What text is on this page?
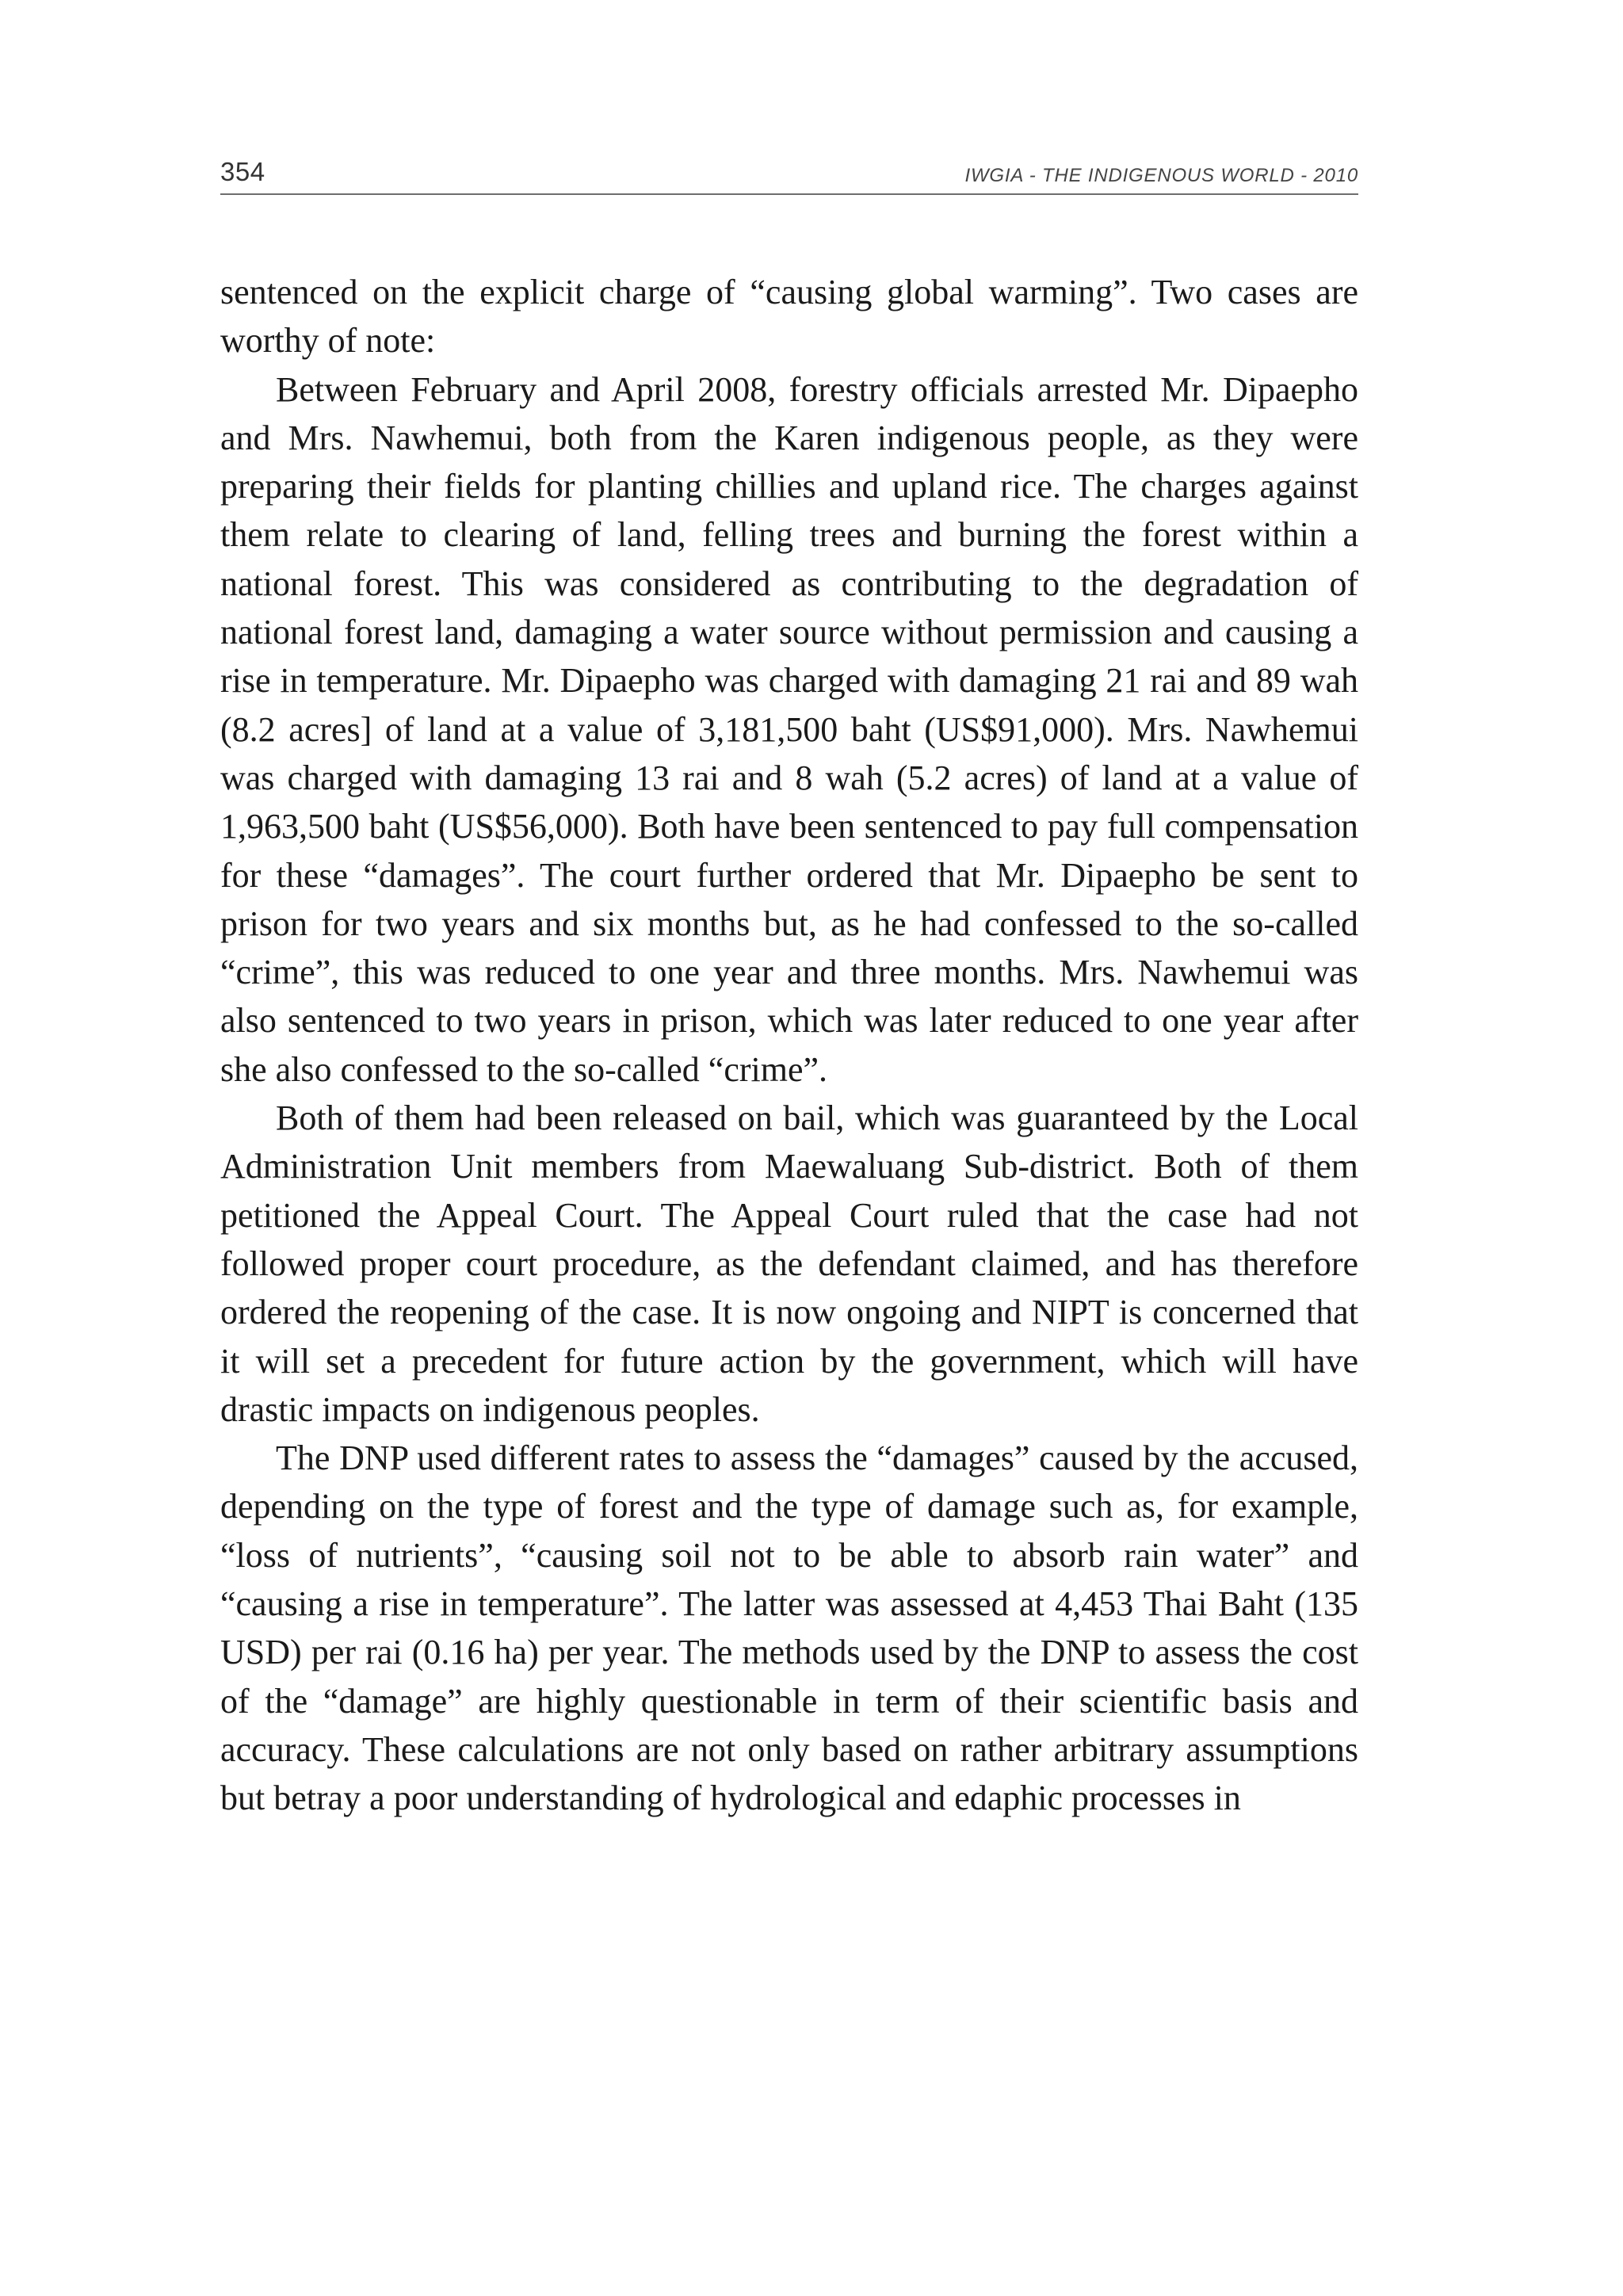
354	IWGIA - THE INDIGENOUS WORLD - 2010

sentenced on the explicit charge of “causing global warming”. Two cases are worthy of note:

Between February and April 2008, forestry officials arrested Mr. Dipaepho and Mrs. Nawhemui, both from the Karen indigenous people, as they were preparing their fields for planting chillies and upland rice. The charges against them relate to clearing of land, felling trees and burning the forest within a national forest. This was considered as contributing to the degradation of national forest land, damaging a water source without permission and causing a rise in temperature. Mr. Dipaepho was charged with damaging 21 rai and 89 wah (8.2 acres] of land at a value of 3,181,500 baht (US$91,000). Mrs. Nawhemui was charged with damaging 13 rai and 8 wah (5.2 acres) of land at a value of 1,963,500 baht (US$56,000). Both have been sentenced to pay full compensation for these “damages”. The court further ordered that Mr. Dipaepho be sent to prison for two years and six months but, as he had confessed to the so-called “crime”, this was reduced to one year and three months. Mrs. Nawhemui was also sentenced to two years in prison, which was later reduced to one year after she also confessed to the so-called “crime”.

Both of them had been released on bail, which was guaranteed by the Local Administration Unit members from Maewaluang Sub-district. Both of them petitioned the Appeal Court. The Appeal Court ruled that the case had not followed proper court procedure, as the defendant claimed, and has therefore ordered the reopening of the case. It is now ongoing and NIPT is concerned that it will set a precedent for future action by the government, which will have drastic impacts on indigenous peoples.

The DNP used different rates to assess the “damages” caused by the accused, depending on the type of forest and the type of damage such as, for example, “loss of nutrients”, “causing soil not to be able to absorb rain water” and “causing a rise in temperature”. The latter was assessed at 4,453 Thai Baht (135 USD) per rai (0.16 ha) per year. The methods used by the DNP to assess the cost of the “damage” are highly questionable in term of their scientific basis and accuracy. These calculations are not only based on rather arbitrary assumptions but betray a poor understanding of hydrological and edaphic processes in
